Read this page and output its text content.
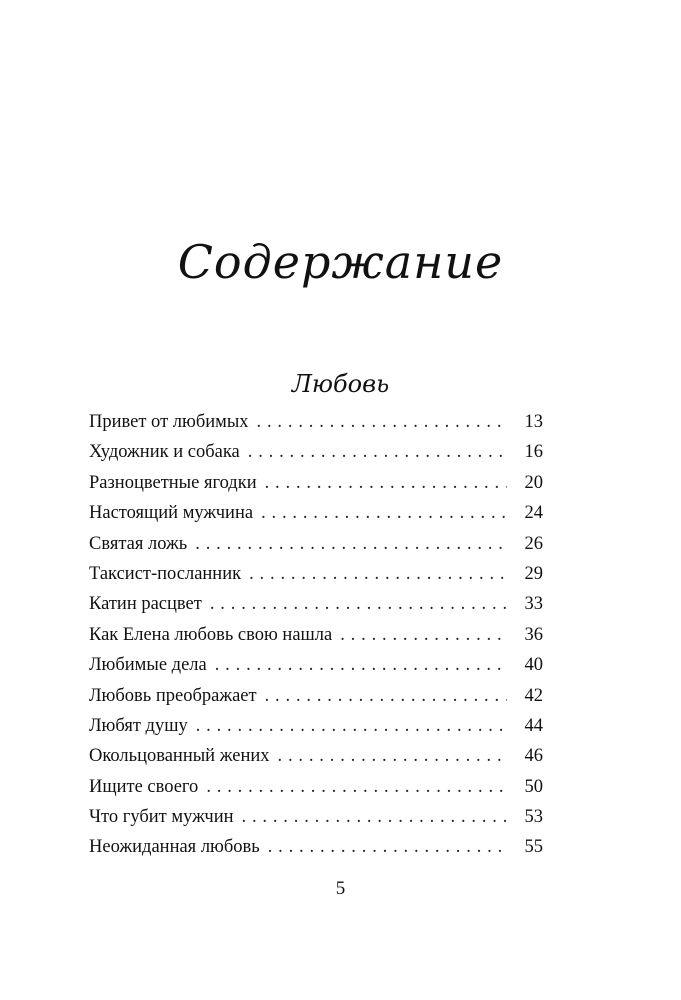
Содержание
Любовь
Привет от любимых . . .	13
Художник и собака . . .	16
Разноцветные ягодки . . .	20
Настоящий мужчина . . .	24
Святая ложь . . .	26
Таксист-посланник . . .	29
Катин расцвет . . .	33
Как Елена любовь свою нашла . . .	36
Любимые дела . . .	40
Любовь преображает . . .	42
Любят душу . . .	44
Окольцованный жених . . .	46
Ищите своего . . .	50
Что губит мужчин . . .	53
Неожиданная любовь . . .	55
5
